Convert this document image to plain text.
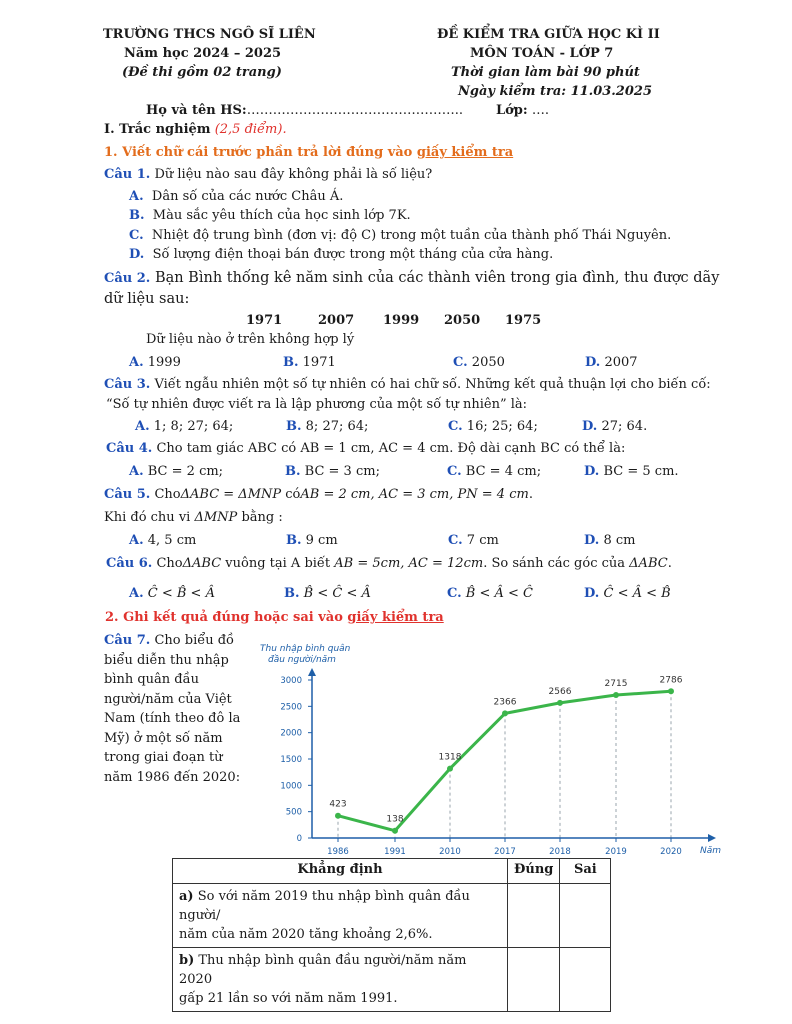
TRƯỜNG THCS NGÔ SĨ LIÊN
Năm học 2024 – 2025
(Đề thi gồm 02 trang)
ĐỀ KIỂM TRA GIỮA HỌC KÌ II
MÔN TOÁN - LỚP 7
Thời gian làm bài 90 phút
Ngày kiểm tra: 11.03.2025
Họ và tên HS:…………………………………………..	Lớp: ….
I. Trắc nghiệm (2,5 điểm).
1. Viết chữ cái trước phần trả lời đúng vào giấy kiểm tra
Câu 1. Dữ liệu nào sau đây không phải là số liệu?
A. Dân số của các nước Châu Á.
B. Màu sắc yêu thích của học sinh lớp 7K.
C. Nhiệt độ trung bình (đơn vị: độ C) trong một tuần của thành phố Thái Nguyên.
D. Số lượng điện thoại bán được trong một tháng của cửa hàng.
Câu 2. Bạn Bình thống kê năm sinh của các thành viên trong gia đình, thu được dãy
dữ liệu sau:
1971	2007 1999 2050 1975
Dữ liệu nào ở trên không hợp lý
A. 1999	B. 1971	C. 2050	D. 2007
Câu 3. Viết ngẫu nhiên một số tự nhiên có hai chữ số. Những kết quả thuận lợi cho biến cố:
“Số tự nhiên được viết ra là lập phương của một số tự nhiên” là:
A. 1; 8; 27; 64;	B. 8; 27; 64;	C. 16; 25; 64;	D. 27; 64.
Câu 4. Cho tam giác ABC có AB = 1 cm, AC = 4 cm. Độ dài cạnh BC có thể là:
A. BC = 2 cm;	B. BC = 3 cm;	C. BC = 4 cm;	D. BC = 5 cm.
Câu 5. ChoΔABC = ΔMNP cóAB = 2 cm, AC = 3 cm, PN = 4 cm.
Khi đó chu vi ΔMNP bằng :
A. 4, 5 cm	B. 9 cm	C. 7 cm	D. 8 cm
Câu 6. ChoΔABC vuông tại A biết AB = 5cm, AC = 12cm. So sánh các góc của ΔABC.
A. Ĉ < B̂ < Â	B. B̂ < Ĉ < Â	C. B̂ < Â < Ĉ	D. Ĉ < Â < B̂
2. Ghi kết quả đúng hoặc sai vào giấy kiểm tra
Câu 7. Cho biểu đồ
biểu diễn thu nhập
bình quân đầu
người/năm của Việt
Nam (tính theo đô la
Mỹ) ở một số năm
trong giai đoạn từ
năm 1986 đến 2020:
Thu nhập bình quân
đầu người/năm
0
500
1000
1500
2000
2500
3000
1986	1991	2010	2017	2018	2019	2020
423
138
1318
2366
2566
2715	2786
Năm
Khẳng định	Đúng	Sai
a) So với năm 2019 thu nhập bình quân đầu người/
năm của năm 2020 tăng khoảng 2,6%.		
b) Thu nhập bình quân đầu người/năm năm 2020
gấp 21 lần so với năm năm 1991.		
